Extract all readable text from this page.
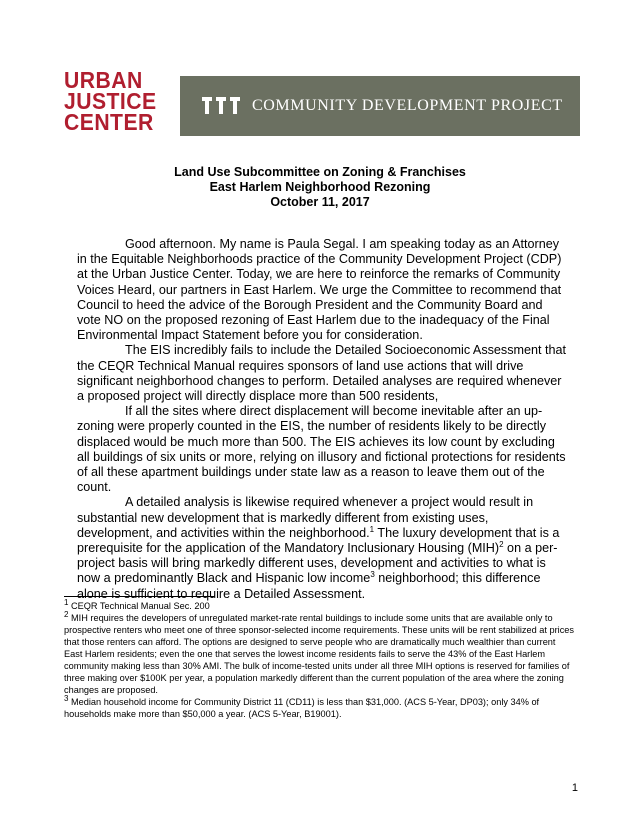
URBAN
JUSTICE
CENTER
COMMUNITY DEVELOPMENT PROJECT
Land Use Subcommittee on Zoning & Franchises
East Harlem Neighborhood Rezoning
October 11, 2017

Good afternoon. My name is Paula Segal. I am speaking today as an Attorney in the Equitable Neighborhoods practice of the Community Development Project (CDP) at the Urban Justice Center. Today, we are here to reinforce the remarks of Community Voices Heard, our partners in East Harlem. We urge the Committee to recommend that Council to heed the advice of the Borough President and the Community Board and vote NO on the proposed rezoning of East Harlem due to the inadequacy of the Final Environmental Impact Statement before you for consideration.

The EIS incredibly fails to include the Detailed Socioeconomic Assessment that the CEQR Technical Manual requires sponsors of land use actions that will drive significant neighborhood changes to perform. Detailed analyses are required whenever a proposed project will directly displace more than 500 residents,

If all the sites where direct displacement will become inevitable after an up-zoning were properly counted in the EIS, the number of residents likely to be directly displaced would be much more than 500. The EIS achieves its low count by excluding all buildings of six units or more, relying on illusory and fictional protections for residents of all these apartment buildings under state law as a reason to leave them out of the count.

A detailed analysis is likewise required whenever a project would result in substantial new development that is markedly different from existing uses, development, and activities within the neighborhood.$^1$ The luxury development that is a prerequisite for the application of the Mandatory Inclusionary Housing (MIH)$^2$ on a per-project basis will bring markedly different uses, development and activities to what is now a predominantly Black and Hispanic low income$^3$ neighborhood; this difference alone is sufficient to require a Detailed Assessment.

$^1$ CEQR Technical Manual Sec. 200

$^2$ MIH requires the developers of unregulated market-rate rental buildings to include some units that are available only to prospective renters who meet one of three sponsor-selected income requirements. These units will be rent stabilized at prices that those renters can afford. The options are designed to serve people who are dramatically much wealthier than current East Harlem residents; even the one that serves the lowest income residents fails to serve the 43% of the East Harlem community making less than 30% AMI. The bulk of income-tested units under all three MIH options is reserved for families of three making over $100K per year, a population markedly different than the current population of the area where the zoning changes are proposed.

$^3$ Median household income for Community District 11 (CD11) is less than $31,000. (ACS 5-Year, DP03); only 34% of households make more than $50,000 a year. (ACS 5-Year, B19001).

1
